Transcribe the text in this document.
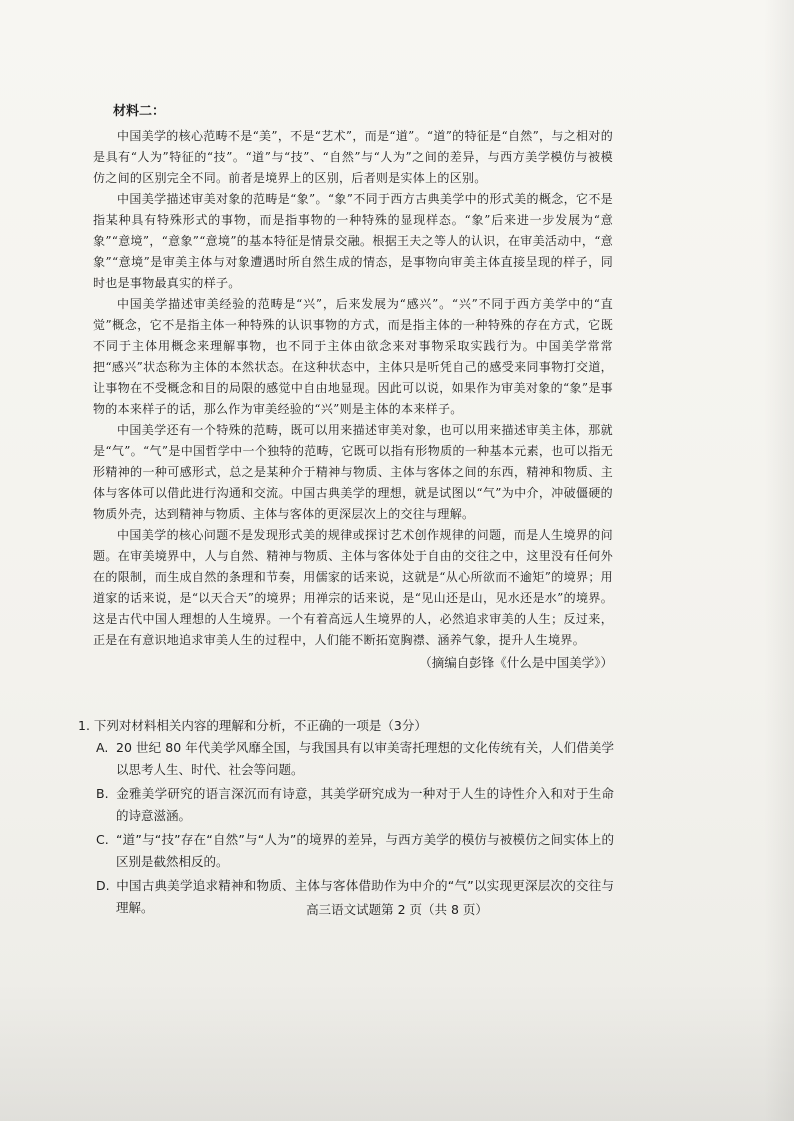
材料二：

中国美学的核心范畴不是“美”，不是“艺术”，而是“道”。“道”的特征是“自然”，与之相对的是具有“人为”特征的“技”。“道”与“技”、“自然”与“人为”之间的差异，与西方美学模仿与被模仿之间的区别完全不同。前者是境界上的区别，后者则是实体上的区别。

中国美学描述审美对象的范畴是“象”。“象”不同于西方古典美学中的形式美的概念，它不是指某种具有特殊形式的事物，而是指事物的一种特殊的显现样态。“象”后来进一步发展为“意象”“意境”，“意象”“意境”的基本特征是情景交融。根据王夫之等人的认识，在审美活动中，“意象”“意境”是审美主体与对象遭遇时所自然生成的情态，是事物向审美主体直接呈现的样子，同时也是事物最真实的样子。

中国美学描述审美经验的范畴是“兴”，后来发展为“感兴”。“兴”不同于西方美学中的“直觉”概念，它不是指主体一种特殊的认识事物的方式，而是指主体的一种特殊的存在方式，它既不同于主体用概念来理解事物，也不同于主体由欲念来对事物采取实践行为。中国美学常常把“感兴”状态称为主体的本然状态。在这种状态中，主体只是听凭自己的感受来同事物打交道，让事物在不受概念和目的局限的感觉中自由地显现。因此可以说，如果作为审美对象的“象”是事物的本来样子的话，那么作为审美经验的“兴”则是主体的本来样子。

中国美学还有一个特殊的范畴，既可以用来描述审美对象，也可以用来描述审美主体，那就是“气”。“气”是中国哲学中一个独特的范畴，它既可以指有形物质的一种基本元素，也可以指无形精神的一种可感形式，总之是某种介于精神与物质、主体与客体之间的东西，精神和物质、主体与客体可以借此进行沟通和交流。中国古典美学的理想，就是试图以“气”为中介，冲破僵硬的物质外壳，达到精神与物质、主体与客体的更深层次上的交往与理解。

中国美学的核心问题不是发现形式美的规律或探讨艺术创作规律的问题，而是人生境界的问题。在审美境界中，人与自然、精神与物质、主体与客体处于自由的交往之中，这里没有任何外在的限制，而生成自然的条理和节奏，用儒家的话来说，这就是“从心所欲而不逾矩”的境界；用道家的话来说，是“以天合天”的境界；用禅宗的话来说，是“见山还是山，见水还是水”的境界。这是古代中国人理想的人生境界。一个有着高远人生境界的人，必然追求审美的人生；反过来，正是在有意识地追求审美人生的过程中，人们能不断拓宽胸襟、涵养气象，提升人生境界。

（摘编自彭锋《什么是中国美学》）

1. 下列对材料相关内容的理解和分析，不正确的一项是（3分）

A. 20 世纪 80 年代美学风靡全国，与我国具有以审美寄托理想的文化传统有关，人们借美学以思考人生、时代、社会等问题。

B. 金雅美学研究的语言深沉而有诗意，其美学研究成为一种对于人生的诗性介入和对于生命的诗意滋涵。

C. “道”与“技”存在“自然”与“人为”的境界的差异，与西方美学的模仿与被模仿之间实体上的区别是截然相反的。

D. 中国古典美学追求精神和物质、主体与客体借助作为中介的“气”以实现更深层次的交往与理解。	高三语文试题第 2 页（共 8 页）
